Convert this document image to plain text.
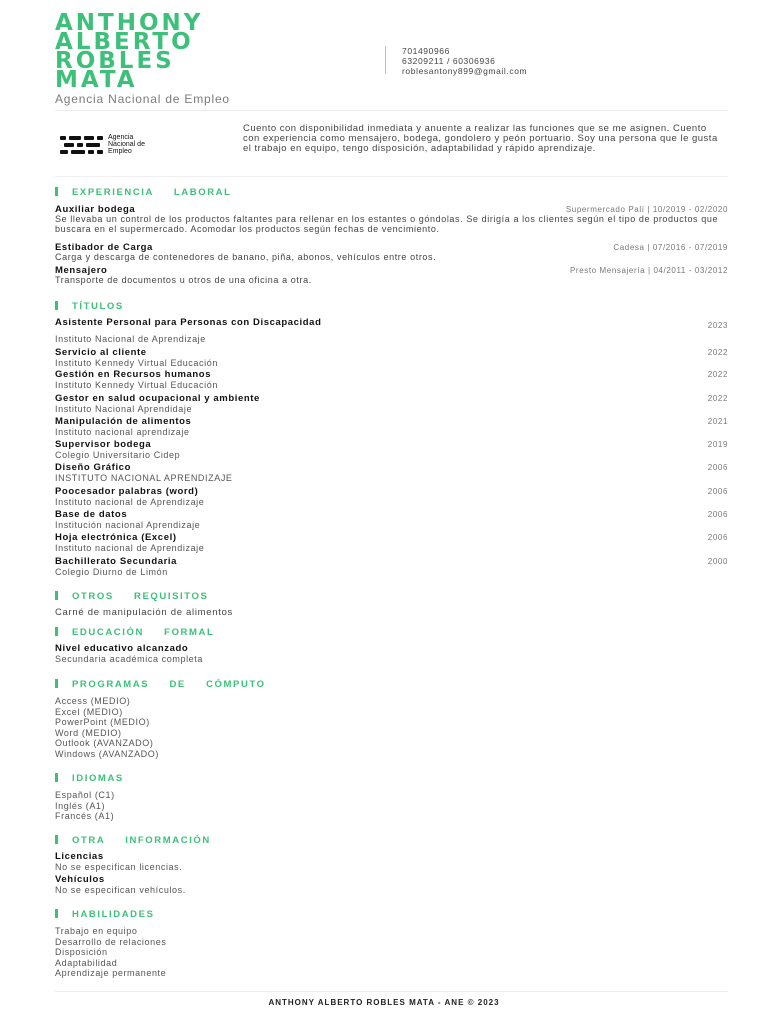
ANTHONY
ALBERTO
ROBLES
MATA
Agencia Nacional de Empleo
701490966
63209211 / 60306936
roblesantony899@gmail.com
Agencia
Nacional de
Empleo
Cuento con disponibilidad inmediata y anuente a realizar las funciones que se me asignen. Cuento con experiencia como mensajero, bodega, gondolero y peón portuario. Soy una persona que le gusta el trabajo en equipo, tengo disposición, adaptabilidad y rápido aprendizaje.
EXPERIENCIA LABORAL
Auxiliar bodega	Supermercado Palí | 10/2019 - 02/2020
Se llevaba un control de los productos faltantes para rellenar en los estantes o góndolas. Se dirigía a los clientes según el tipo de productos que buscara en el supermercado. Acomodar los productos según fechas de vencimiento.
Estibador de Carga	Cadesa | 07/2016 - 07/2019
Carga y descarga de contenedores de banano, piña, abonos, vehículos entre otros.
Mensajero	Presto Mensajería | 04/2011 - 03/2012
Transporte de documentos u otros de una oficina a otra.
TÍTULOS
Asistente Personal para Personas con Discapacidad	2023
Instituto Nacional de Aprendizaje
Servicio al cliente	2022
Instituto Kennedy Virtual Educación
Gestión en Recursos humanos	2022
Instituto Kennedy Virtual Educación
Gestor en salud ocupacional y ambiente	2022
Instituto Nacional Aprendidaje
Manipulación de alimentos	2021
Instituto nacional aprendizaje
Supervisor bodega	2019
Colegio Universitario Cidep
Diseño Gráfico	2006
INSTITUTO NACIONAL APRENDIZAJE
Poocesador palabras (word)	2006
Instituto nacional de Aprendizaje
Base de datos	2006
Institución nacional Aprendizaje
Hoja electrónica (Excel)	2006
Instituto nacional de Aprendizaje
Bachillerato Secundaria	2000
Colegio Diurno de Limón
OTROS REQUISITOS
Carné de manipulación de alimentos
EDUCACIÓN FORMAL
Nivel educativo alcanzado
Secundaria académica completa
PROGRAMAS DE CÓMPUTO
Access (MEDIO)
Excel (MEDIO)
PowerPoint (MEDIO)
Word (MEDIO)
Outlook (AVANZADO)
Windows (AVANZADO)
IDIOMAS
Español (C1)
Inglés (A1)
Francés (A1)
OTRA INFORMACIÓN
Licencias
No se especifican licencias.
Vehículos
No se especifican vehículos.
HABILIDADES
Trabajo en equipo
Desarrollo de relaciones
Disposición
Adaptabilidad
Aprendizaje permanente
ANTHONY ALBERTO ROBLES MATA - ANE © 2023
